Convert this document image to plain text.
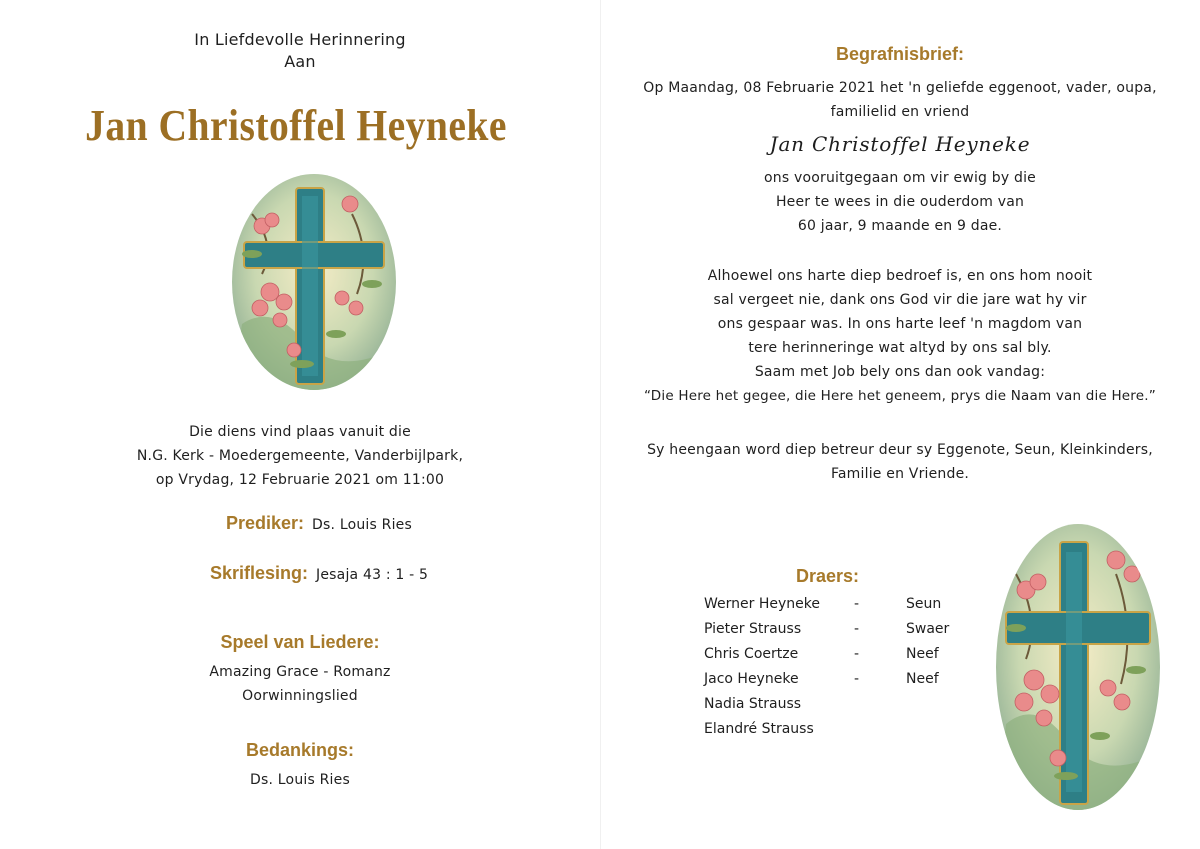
In Liefdevolle Herinnering
Aan
Jan Christoffel Heyneke
Die diens vind plaas vanuit die
N.G. Kerk - Moedergemeente, Vanderbijlpark,
op Vrydag, 12 Februarie 2021 om 11:00
Prediker: Ds. Louis Ries
Skriflesing: Jesaja 43 : 1 - 5
Speel van Liedere:
Amazing Grace - Romanz
Oorwinningslied
Bedankings:
Ds. Louis Ries
Begrafnisbrief:
Op Maandag, 08 Februarie 2021 het 'n geliefde eggenoot, vader, oupa,
familielid en vriend
Jan Christoffel Heyneke
ons vooruitgegaan om vir ewig by die
Heer te wees in die ouderdom van
60 jaar, 9 maande en 9 dae.
Alhoewel ons harte diep bedroef is, en ons hom nooit
sal vergeet nie, dank ons God vir die jare wat hy vir
ons gespaar was. In ons harte leef 'n magdom van
tere herinneringe wat altyd by ons sal bly.
Saam met Job bely ons dan ook vandag:
“Die Here het gegee, die Here het geneem, prys die Naam van die Here.”
Sy heengaan word diep betreur deur sy Eggenote, Seun, Kleinkinders,
Familie en Vriende.
Draers:
Werner Heyneke -	Seun
Pieter Strauss	-	Swaer
Chris Coertze	-	Neef
Jaco Heyneke	-	Neef
Nadia Strauss
Elandré Strauss
